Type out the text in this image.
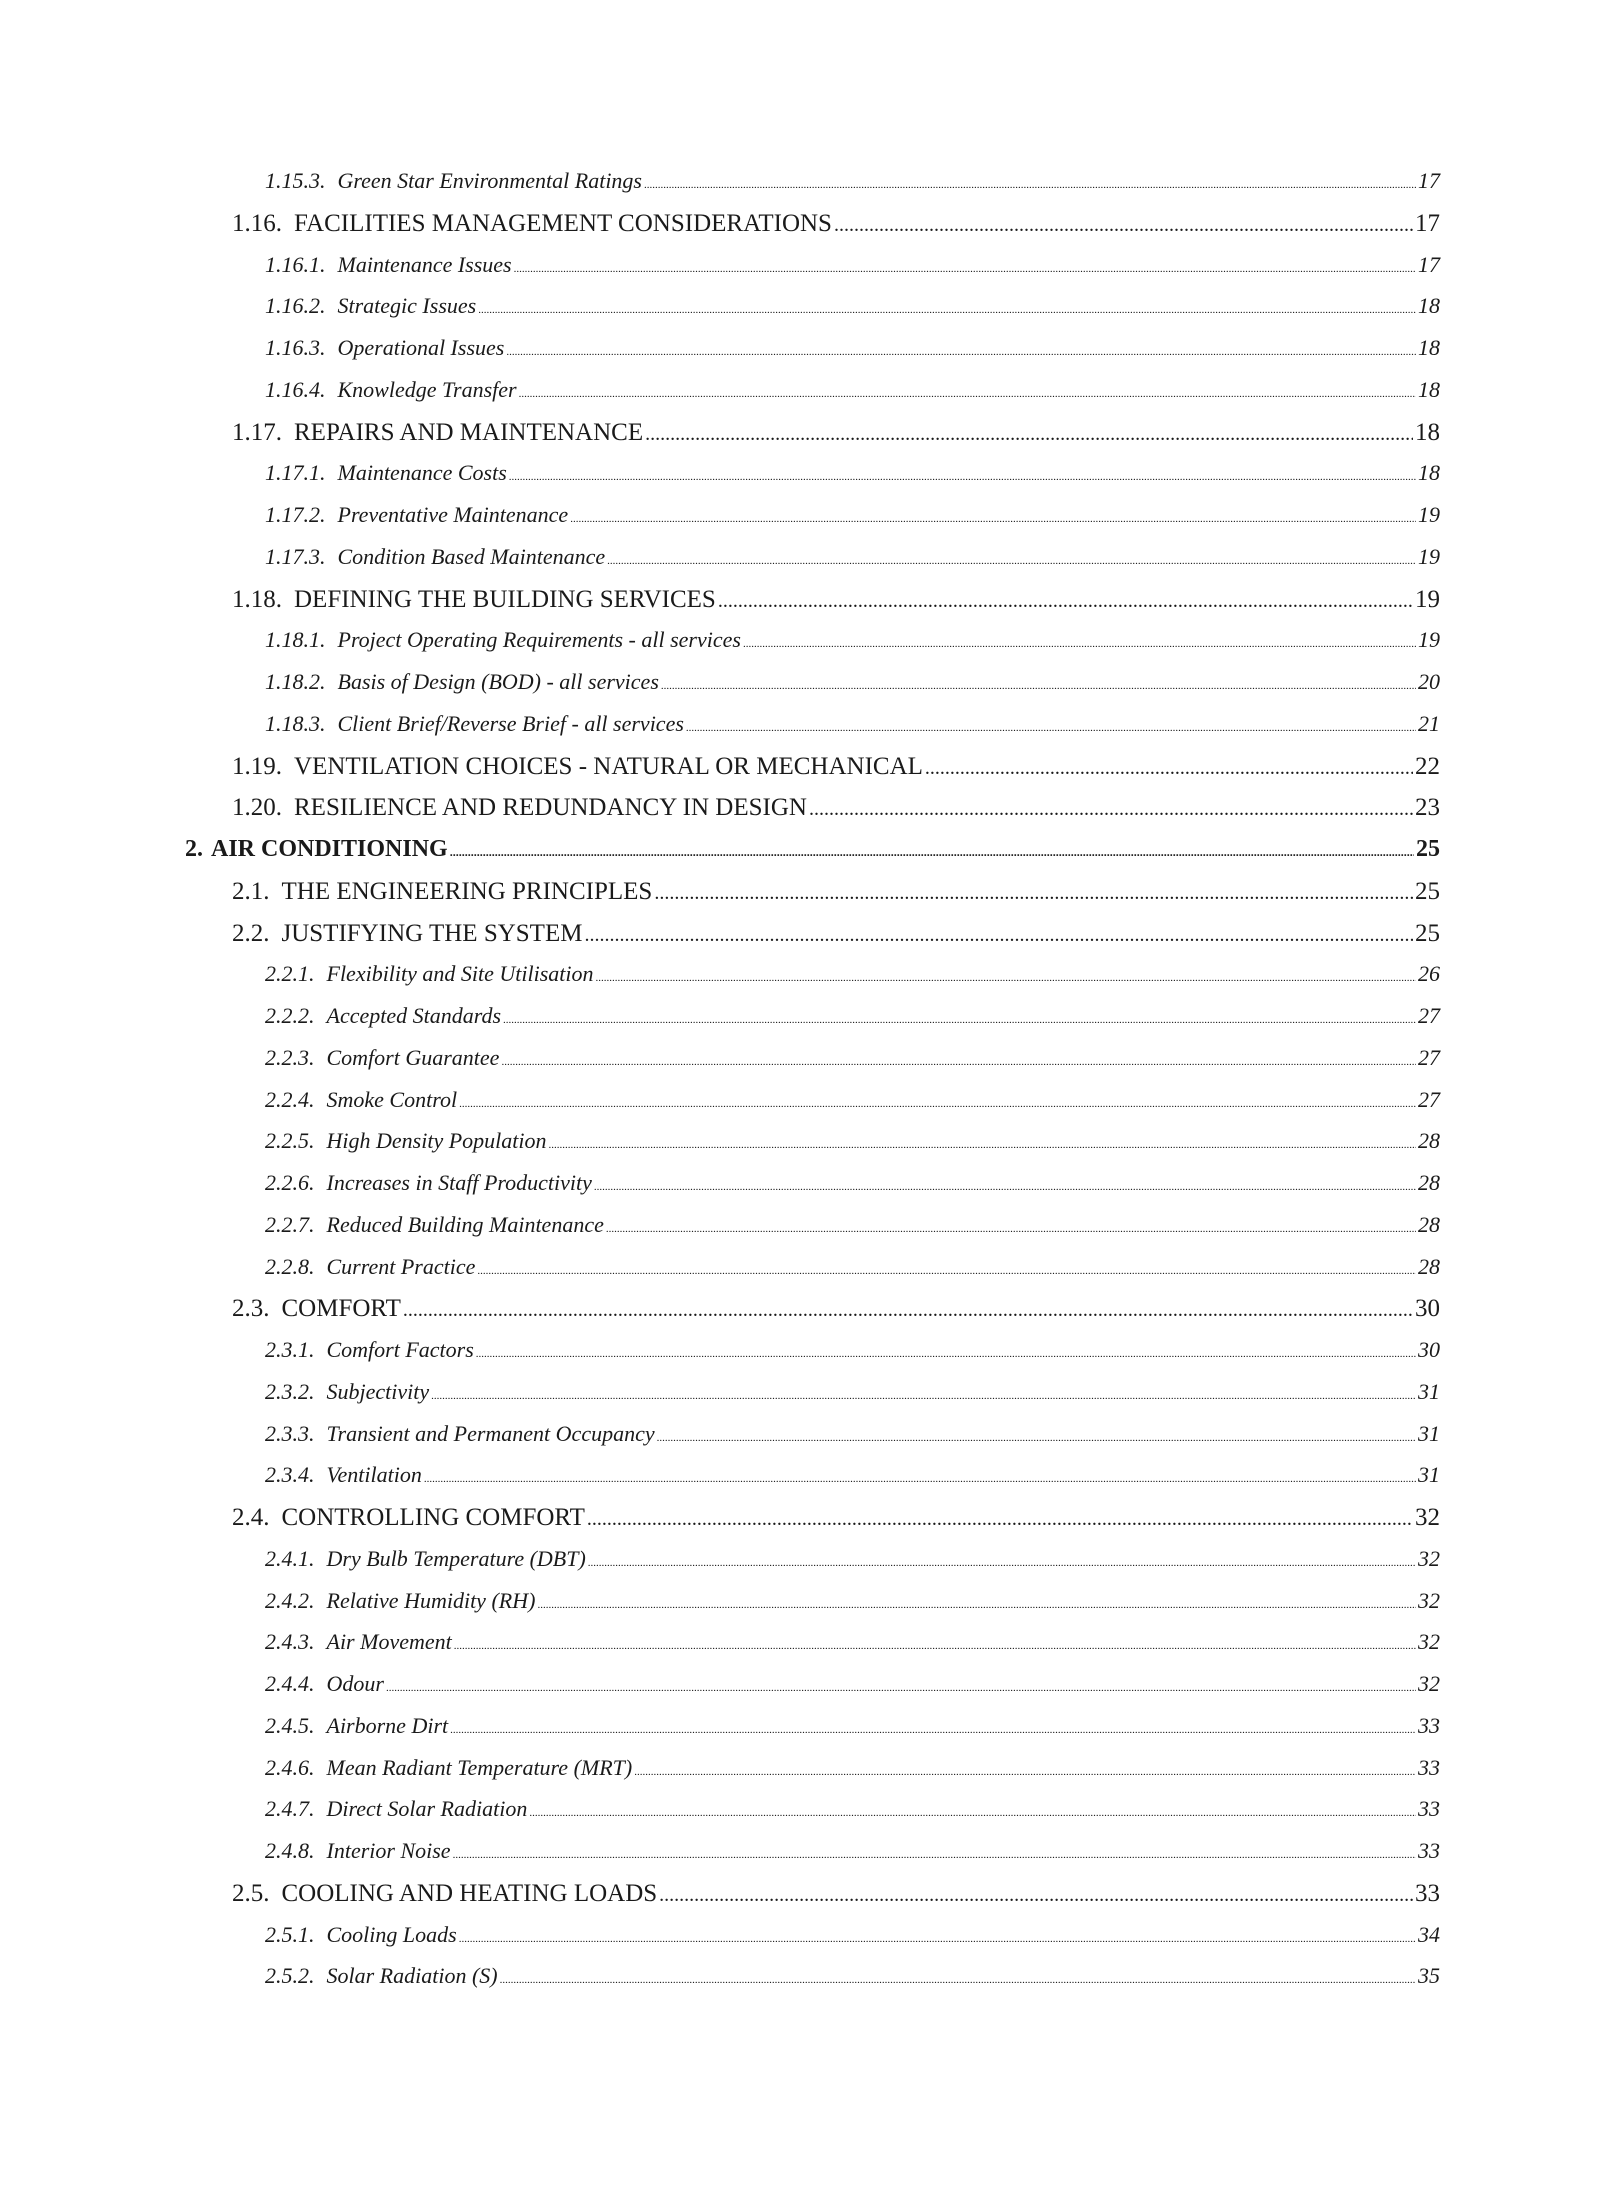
1.15.3. Green Star Environmental Ratings .....	17
1.16. FACILITIES MANAGEMENT CONSIDERATIONS .....	17
1.16.1. Maintenance Issues .....	17
1.16.2. Strategic Issues .....	18
1.16.3. Operational Issues .....	18
1.16.4. Knowledge Transfer .....	18
1.17. REPAIRS AND MAINTENANCE .....	18
1.17.1. Maintenance Costs .....	18
1.17.2. Preventative Maintenance .....	19
1.17.3. Condition Based Maintenance .....	19
1.18. DEFINING THE BUILDING SERVICES .....	19
1.18.1. Project Operating Requirements - all services .....	19
1.18.2. Basis of Design (BOD) - all services .....	20
1.18.3. Client Brief/Reverse Brief - all services .....	21
1.19. VENTILATION CHOICES - NATURAL OR MECHANICAL .....	22
1.20. RESILIENCE AND REDUNDANCY IN DESIGN .....	23
2. AIR CONDITIONING .....	25
2.1. THE ENGINEERING PRINCIPLES .....	25
2.2. JUSTIFYING THE SYSTEM .....	25
2.2.1. Flexibility and Site Utilisation .....	26
2.2.2. Accepted Standards .....	27
2.2.3. Comfort Guarantee .....	27
2.2.4. Smoke Control .....	27
2.2.5. High Density Population .....	28
2.2.6. Increases in Staff Productivity .....	28
2.2.7. Reduced Building Maintenance .....	28
2.2.8. Current Practice .....	28
2.3. COMFORT .....	30
2.3.1. Comfort Factors .....	30
2.3.2. Subjectivity .....	31
2.3.3. Transient and Permanent Occupancy .....	31
2.3.4. Ventilation .....	31
2.4. CONTROLLING COMFORT .....	32
2.4.1. Dry Bulb Temperature (DBT) .....	32
2.4.2. Relative Humidity (RH) .....	32
2.4.3. Air Movement .....	32
2.4.4. Odour .....	32
2.4.5. Airborne Dirt .....	33
2.4.6. Mean Radiant Temperature (MRT) .....	33
2.4.7. Direct Solar Radiation .....	33
2.4.8. Interior Noise .....	33
2.5. COOLING AND HEATING LOADS .....	33
2.5.1. Cooling Loads .....	34
2.5.2. Solar Radiation (S) .....	35
